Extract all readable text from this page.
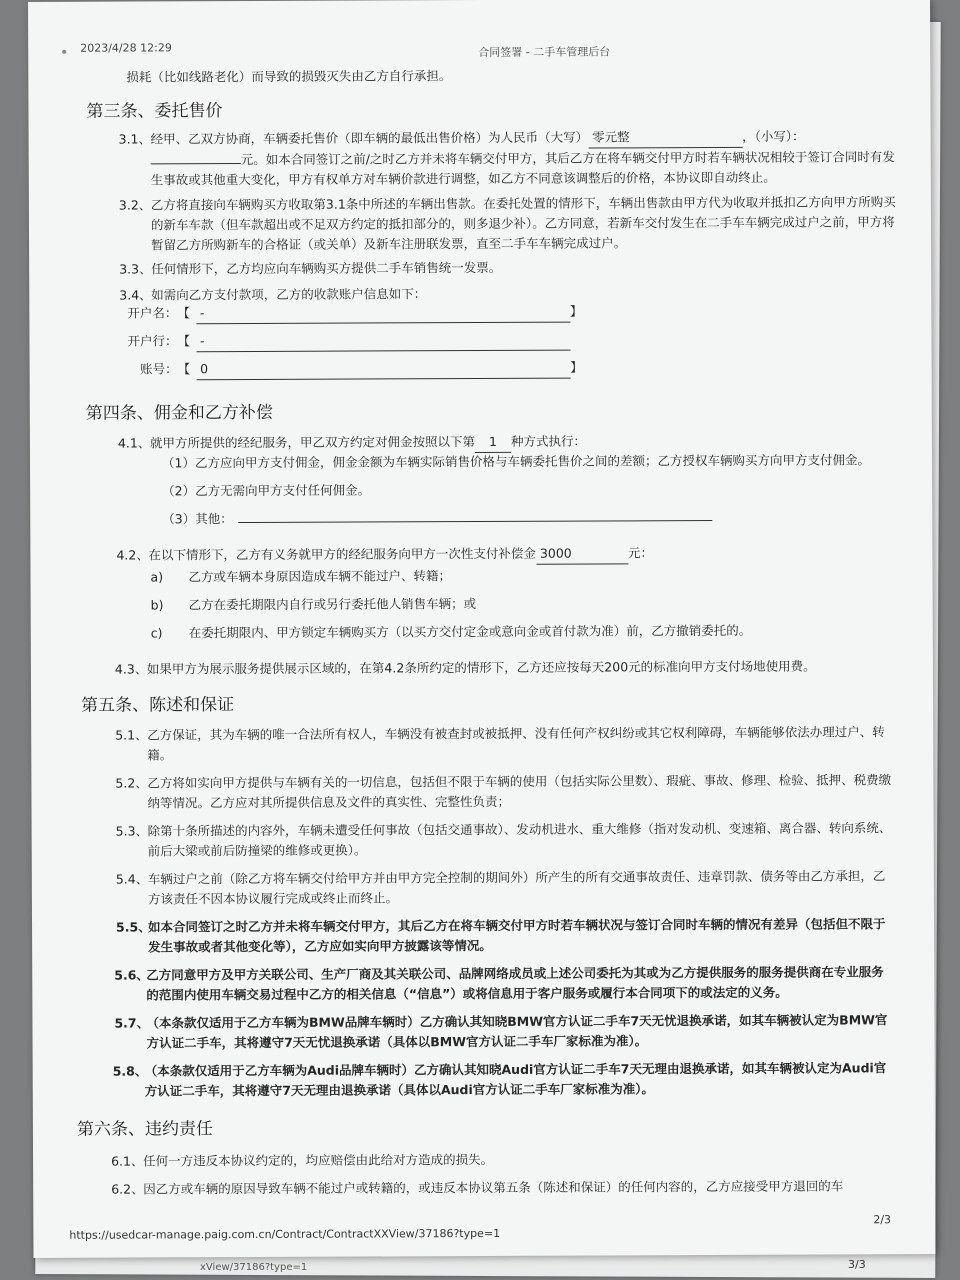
xView/37186?type=1	3/3
2023/4/28 12:29	合同签署 - 二手车管理后台
损耗（比如线路老化）而导致的损毁灭失由乙方自行承担。
第三条、委托售价
3.1、 经甲、乙双方协商，车辆委托售价（即车辆的最低出售价格）为人民币（大写） 零元整	，（小写）：
元。如本合同签订之前/之时乙方并未将车辆交付甲方，其后乙方在将车辆交付甲方时若车辆状况相较于签订合同时有发生事故或其他重大变化，甲方有权单方对车辆价款进行调整，如乙方不同意该调整后的价格，本协议即自动终止。
3.2、 乙方将直接向车辆购买方收取第3.1条中所述的车辆出售款。在委托处置的情形下，车辆出售款由甲方代为收取并抵扣乙方向甲方所购买的新车车款（但车款超出或不足双方约定的抵扣部分的，则多退少补）。乙方同意，若新车交付发生在二手车车辆完成过户之前，甲方将暂留乙方所购新车的合格证（或关单）及新车注册联发票，直至二手车车辆完成过户。
3.3、 任何情形下，乙方均应向车辆购买方提供二手车销售统一发票。
3.4、 如需向乙方支付款项，乙方的收款账户信息如下：
开户名：【 -	】
开户行：【 -
账号：【 0	】
第四条、佣金和乙方补偿
4.1、 就甲方所提供的经纪服务，甲乙双方约定对佣金按照以下第 1 种方式执行：
（1）乙方应向甲方支付佣金，佣金金额为车辆实际销售价格与车辆委托售价之间的差额；乙方授权车辆购买方向甲方支付佣金。
（2）乙方无需向甲方支付任何佣金。
（3）其他：
4.2、 在以下情形下，乙方有义务就甲方的经纪服务向甲方一次性支付补偿金 3000	元：
a) 乙方或车辆本身原因造成车辆不能过户、转籍；
b) 乙方在委托期限内自行或另行委托他人销售车辆；或
c) 在委托期限内、甲方锁定车辆购买方（以买方交付定金或意向金或首付款为准）前，乙方撤销委托的。
4.3、 如果甲方为展示服务提供展示区域的，在第4.2条所约定的情形下，乙方还应按每天200元的标准向甲方支付场地使用费。
第五条、陈述和保证
5.1、 乙方保证，其为车辆的唯一合法所有权人，车辆没有被查封或被抵押、没有任何产权纠纷或其它权利障碍，车辆能够依法办理过户、转籍。
5.2、 乙方将如实向甲方提供与车辆有关的一切信息，包括但不限于车辆的使用（包括实际公里数）、瑕疵、事故、修理、检验、抵押、税费缴纳等情况。乙方应对其所提供信息及文件的真实性、完整性负责；
5.3、 除第十条所描述的内容外，车辆未遭受任何事故（包括交通事故）、发动机进水、重大维修（指对发动机、变速箱、离合器、转向系统、前后大梁或前后防撞梁的维修或更换）。
5.4、 车辆过户之前（除乙方将车辆交付给甲方并由甲方完全控制的期间外）所产生的所有交通事故责任、违章罚款、债务等由乙方承担，乙方该责任不因本协议履行完成或终止而终止。
5.5、
如本合同签订之时乙方并未将车辆交付甲方，其后乙方在将车辆交付甲方时若车辆状况与签订合同时车辆的情况有差异（包括但不限于发生事故或者其他变化等），乙方应如实向甲方披露该等情况。
5.6、
乙方同意甲方及甲方关联公司、生产厂商及其关联公司、品牌网络成员或上述公司委托为其或为乙方提供服务的服务提供商在专业服务的范围内使用车辆交易过程中乙方的相关信息（“信息”）或将信息用于客户服务或履行本合同项下的或法定的义务。
5.7、
（本条款仅适用于乙方车辆为BMW品牌车辆时）乙方确认其知晓BMW官方认证二手车7天无忧退换承诺，如其车辆被认定为BMW官方认证二手车，其将遵守7天无忧退换承诺（具体以BMW官方认证二手车厂家标准为准）。
5.8、
（本条款仅适用于乙方车辆为Audi品牌车辆时）乙方确认其知晓Audi官方认证二手车7天无理由退换承诺，如其车辆被认定为Audi官方认证二手车，其将遵守7天无理由退换承诺（具体以Audi官方认证二手车厂家标准为准）。
第六条、违约责任
6.1、 任何一方违反本协议约定的，均应赔偿由此给对方造成的损失。
6.2、 因乙方或车辆的原因导致车辆不能过户或转籍的，或违反本协议第五条（陈述和保证）的任何内容的，乙方应接受甲方退回的车
2/3
https://usedcar-manage.paig.com.cn/Contract/ContractXXView/37186?type=1
